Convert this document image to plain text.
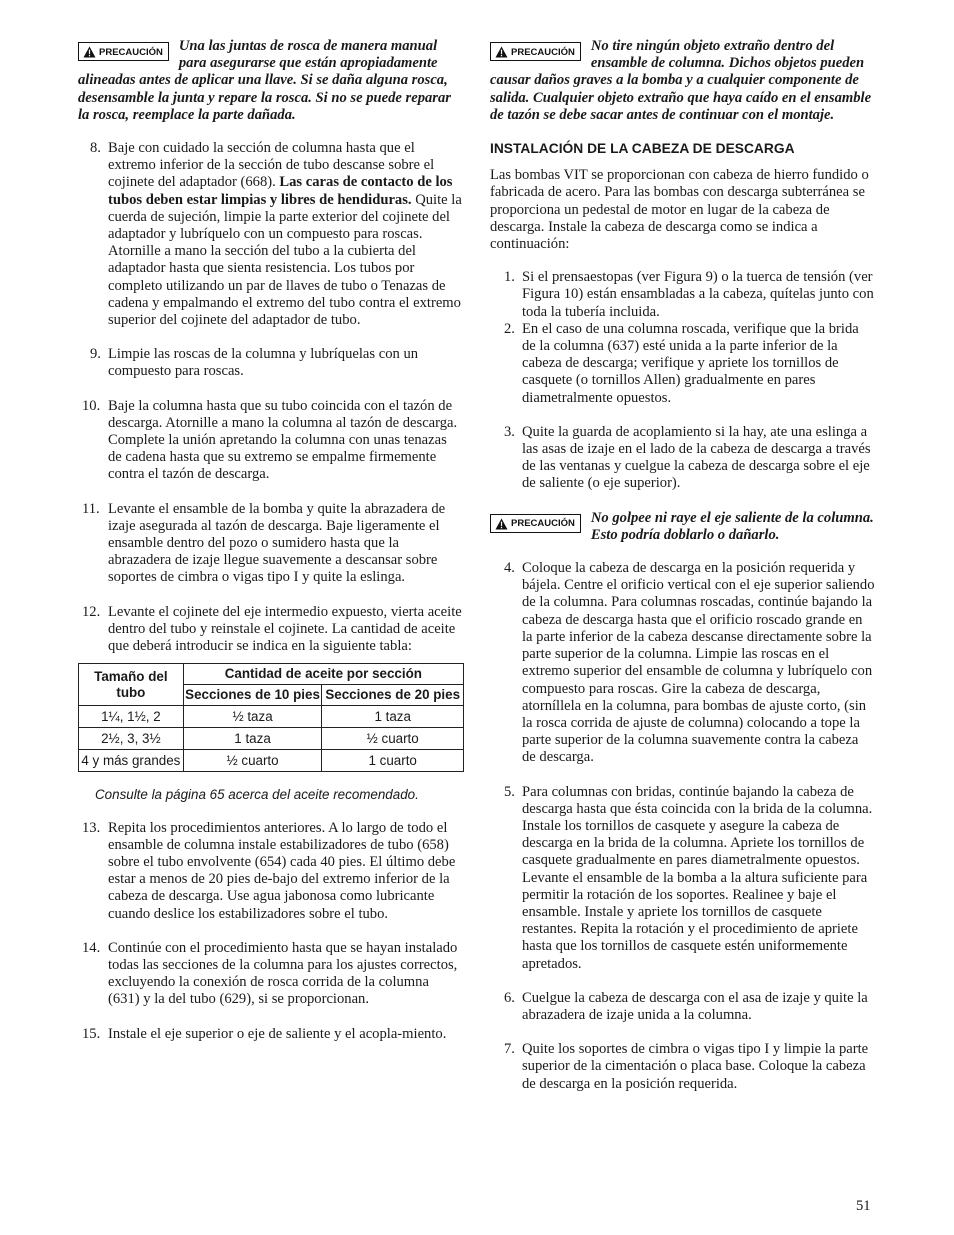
PRECAUCIÓN Una las juntas de rosca de manera manual para asegurarse que están apropiadamente alineadas antes de aplicar una llave. Si se daña alguna rosca, desensamble la junta y repare la rosca. Si no se puede reparar la rosca, reemplace la parte dañada.
8. Baje con cuidado la sección de columna hasta que el extremo inferior de la sección de tubo descanse sobre el cojinete del adaptador (668). Las caras de contacto de los tubos deben estar limpias y libres de hendiduras. Quite la cuerda de sujeción, limpie la parte exterior del cojinete del adaptador y lubríquelo con un compuesto para roscas. Atornille a mano la sección del tubo a la cubierta del adaptador hasta que sienta resistencia. Los tubos por completo utilizando un par de llaves de tubo o Tenazas de cadena y empalmando el extremo del tubo contra el extremo superior del cojinete del adaptador de tubo.
9. Limpie las roscas de la columna y lubríquelas con un compuesto para roscas.
10. Baje la columna hasta que su tubo coincida con el tazón de descarga. Atornille a mano la columna al tazón de descarga. Complete la unión apretando la columna con unas tenazas de cadena hasta que su extremo se empalme firmemente contra el tazón de descarga.
11. Levante el ensamble de la bomba y quite la abrazadera de izaje asegurada al tazón de descarga. Baje ligeramente el ensamble dentro del pozo o sumidero hasta que la abrazadera de izaje llegue suavemente a descansar sobre soportes de cimbra o vigas tipo I y quite la eslinga.
12. Levante el cojinete del eje intermedio expuesto, vierta aceite dentro del tubo y reinstale el cojinete. La cantidad de aceite que deberá introducir se indica en la siguiente tabla:
Tamaño del tubo	Cantidad de aceite por sección	
	Secciones de 10 pies	Secciones de 20 pies
1¼, 1½, 2	½ taza	1 taza
2½, 3, 3½	1 taza	½ cuarto
4 y más grandes	½ cuarto	1 cuarto
Consulte la página 65 acerca del aceite recomendado.
13. Repita los procedimientos anteriores. A lo largo de todo el ensamble de columna instale estabilizadores de tubo (658) sobre el tubo envolvente (654) cada 40 pies. El último debe estar a menos de 20 pies de-bajo del extremo inferior de la cabeza de descarga. Use agua jabonosa como lubricante cuando deslice los estabilizadores sobre el tubo.
14. Continúe con el procedimiento hasta que se hayan instalado todas las secciones de la columna para los ajustes correctos, excluyendo la conexión de rosca corrida de la columna (631) y la del tubo (629), si se proporcionan.
15. Instale el eje superior o eje de saliente y el acopla-miento.
PRECAUCIÓN No tire ningún objeto extraño dentro del ensamble de columna. Dichos objetos pueden causar daños graves a la bomba y a cualquier componente de salida. Cualquier objeto extraño que haya caído en el ensamble de tazón se debe sacar antes de continuar con el montaje.
INSTALACIÓN DE LA CABEZA DE DESCARGA

Las bombas VIT se proporcionan con cabeza de hierro fundido o fabricada de acero. Para las bombas con descarga subterránea se proporciona un pedestal de motor en lugar de la cabeza de descarga. Instale la cabeza de descarga como se indica a continuación:

1. Si el prensaestopas (ver Figura 9) o la tuerca de tensión (ver Figura 10) están ensambladas a la cabeza, quítelas junto con toda la tubería incluida.
2. En el caso de una columna roscada, verifique que la brida de la columna (637) esté unida a la parte inferior de la cabeza de descarga; verifique y apriete los tornillos de casquete (o tornillos Allen) gradualmente en pares diametralmente opuestos.
3. Quite la guarda de acoplamiento si la hay, ate una eslinga a las asas de izaje en el lado de la cabeza de descarga a través de las ventanas y cuelgue la cabeza de descarga sobre el eje de saliente (o eje superior).
PRECAUCIÓN No golpee ni raye el eje saliente de la columna. Esto podría doblarlo o dañarlo.
4. Coloque la cabeza de descarga en la posición requerida y bájela. Centre el orificio vertical con el eje superior saliendo de la columna. Para columnas roscadas, continúe bajando la cabeza de descarga hasta que el orificio roscado grande en la parte inferior de la cabeza descanse directamente sobre la parte superior de la columna. Limpie las roscas en el extremo superior del ensamble de columna y lubríquelo con compuesto para roscas. Gire la cabeza de descarga, atorníllela en la columna, para bombas de ajuste corto, (sin la rosca corrida de ajuste de columna) colocando a tope la parte superior de la columna suavemente contra la cabeza de descarga.
5. Para columnas con bridas, continúe bajando la cabeza de descarga hasta que ésta coincida con la brida de la columna. Instale los tornillos de casquete y asegure la cabeza de descarga en la brida de la columna. Apriete los tornillos de casquete gradualmente en pares diametralmente opuestos. Levante el ensamble de la bomba a la altura suficiente para permitir la rotación de los soportes. Realinee y baje el ensamble. Instale y apriete los tornillos de casquete restantes. Repita la rotación y el procedimiento de apriete hasta que los tornillos de casquete estén uniformemente apretados.
6. Cuelgue la cabeza de descarga con el asa de izaje y quite la abrazadera de izaje unida a la columna.
7. Quite los soportes de cimbra o vigas tipo I y limpie la parte superior de la cimentación o placa base. Coloque la cabeza de descarga en la posición requerida.
51
